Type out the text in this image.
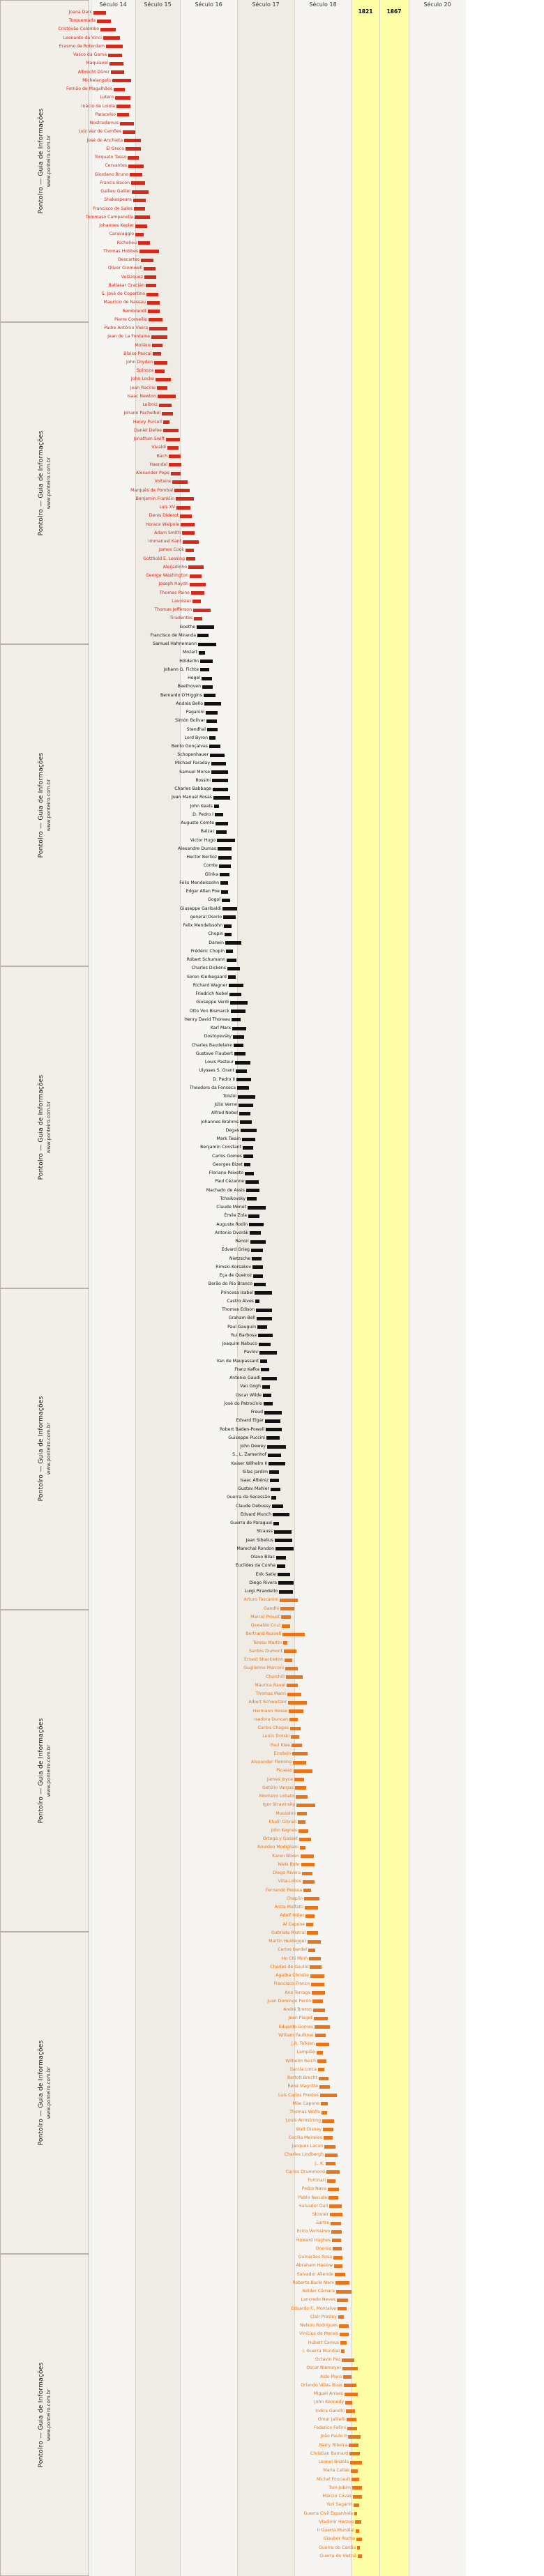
Século 14	Século 15	Século 16	Século 17	Século 18	Século 20
1821	1867
Pontolro — Guia de Informações www.ponteiro.com.br
Pontolro — Guia de Informações www.ponteiro.com.br
Pontolro — Guia de Informações www.ponteiro.com.br
Pontolro — Guia de Informações www.ponteiro.com.br
Pontolro — Guia de Informações www.ponteiro.com.br
Pontolro — Guia de Informações www.ponteiro.com.br
Pontolro — Guia de Informações www.ponteiro.com.br
Pontolro — Guia de Informações www.ponteiro.com.br
Joana Darc
Torquemada
Cristóvão Colombo
Leonardo da Vinci
Erasmo de Roterdam
Vasco da Gama
Maquiavel
Albrecht Dürer
Michelangelo
Fernão de Magalhães
Lutero
Inácio de Loiola
Paracelso
Nostradamus
Luiz Vaz de Camões
José de Anchieta
El Greco
Torquato Tasso
Cervantes
Giordano Bruno
Francis Bacon
Galileu Galilei
Shakespeare
Francisco de Sales
Tommaso Campanella
Johannes Kepler
Caravaggio
Richelieu
Thomas Hobbes
Descartes
Oliver Cromwell
Velázquez
Baltasar Gracián
S. José de Copertino
Maurício de Nassau
Rembrandt
Pierre Corneille
Padre Antônio Vieira
Jean de La Fontaine
Molière
Blaise Pascal
John Dryden
Spinoza
John Locke
Jean Racine
Isaac Newton
Leibniz
Johann Pachelbel
Henry Purcell
Daniel Defoe
Jonathan Swift
Vivaldi
Bach
Haendel
Alexander Pope
Voltaire
Marquês de Pombal
Benjamin Franklin
Luís XV
Denis Diderot
Horace Walpole
Adam Smith
Immanuel Kant
James Cook
Gotthold E. Lessing
Aleijadinho
George Washington
Joseph Haydn
Thomas Paine
Lavoisier
Thomas Jefferson
Tiradentes
Goethe
Francisco de Miranda
Samuel Hahnemann
Mozart
Hölderlin
Johann G. Fichte
Hegel
Beethoven
Bernardo O'Higgins
Andrés Bello
Paganini
Simón Bolívar
Stendhal
Lord Byron
Bento Gonçalves
Schopenhauer
Michael Faraday
Samuel Morse
Rossini
Charles Babbage
Juan Manuel Rosas
John Keats
D. Pedro I
Auguste Comte
Balzac
Victor Hugo
Alexandre Dumas
Hector Berlioz
Comte
Glinka
Félix Mendelssohn
Edgar Allan Poe
Gogol
Giuseppe Garibaldi
general Osorio
Felix Mendelssohn
Chopin
Darwin
Frédéric Chopin
Robert Schumann
Charles Dickens
Soren Kierkegaard
Richard Wagner
Friedrich Nobel
Giuseppe Verdi
Otto Von Bismarck
Henry David Thoreau
Karl Marx
Dostoyevsky
Charles Baudelaire
Gustave Flaubert
Louis Pasteur
Ulysses S. Grant
D. Pedro II
Theodoro da Fonseca
Tolstói
Júlio Verne
Alfred Nobel
Johannes Brahms
Degas
Mark Twain
Benjamin Constant
Carlos Gomes
Georges Bizet
Floriano Peixoto
Paul Cézanne
Machado de Assis
Tchaikovsky
Claude Monet
Émile Zola
Auguste Rodin
Antonio Dvorák
Renoir
Edvard Grieg
Nietzsche
Rimski-Korsakov
Eça de Queiroz
Barão do Rio Branco
Princesa Isabel
Castro Alves
Thomas Edison
Graham Bell
Paul Gauguin
Rui Barbosa
Joaquim Nabuco
Pavlov
Van de Maupassant
Franz Kafka
Antonio Gaudí
Van Gogh
Oscar Wilde
José do Patrocínio
Freud
Edvard Elgar
Robert Baden-Powell
Guiseppe Puccini
John Dewey
S., L. Zamenhof
Kaiser Wilhelm II
Silas Jardim
Isaac Albéniz
Gustav Mahler
Guerra da Secessão
Claude Debussy
Edvard Munch
Guerra do Paraguai
Strauss
Jean Sibelius
Marechal Rondon
Olavo Bilac
Euclides da Cunha
Erik Satie
Diego Rivera
Luigi Pirandello
Arturo Toscanini
Gandhi
Marcel Proust
Oswaldo Cruz
Bertrand Russell
Teresa Martin
Santos Dumont
Ernest Shackleton
Guglielmo Marconi
Churchill
Maurice Ravel
Thomas Mann
Albert Schweitzer
Hermann Hesse
Isadora Duncan
Carlos Chagas
Lenin Trotski
Paul Klee
Einstein
Alexander Fleming
Picasso
James Joyce
Getúlio Vargas
Monteiro Lobato
Igor Stravinsky
Mussolini
Khalil Gibran
John Keynes
Ortega y Gasset
Amedeo Modigliani
Karen Blixen
Niels Bohr
Diego Rivera
Villa-Lobos
Fernando Pessoa
Chaplin
Anita Malfatti
Adolf Hitler
Al Capone
Gabriela Mistral
Martin Heidegger
Carlos Gardel
Ho Chi Minh
Charles de Gaulle
Agatha Christie
Francisco Franco
Ana Terroga
Juan Domingo Perón
André Breton
Jean Piaget
Eduardo Gomes
William Faulkner
J.R. Tolkien
Lampião
Wilhelm Reich
García Lorca
Bertolt Brecht
René Magritte
Luís Carlos Prestes
Mãe Capone
Thomas Wolfe
Louis Armstrong
Walt Disney
Cecília Meireles
Jacques Lacan
Charles Lindbergh
J., K.
Carlos Drummond
Fortinari
Pedro Nava
Pablo Neruda
Salvador Dalí
Skinner
Sartre
Erico Veríssimo
Howard Hughes
Oneisis
Guinarães Rosa
Abraham Haslow
Salvador Allende
Roberto Burle Marx
Nélder Câmara
Lancredo Neves
Eduardo F., Montalve
Clair Presley
Nelson Rodrigues
Vinícius de Morais
Hubert Camus
I. Guerra Mundial
Octavio Paz
Oscar Niemeyer
Aldo Moro
Orlando Villas Boas
Miguel Arraes
John Kennedy
Indira Gandhi
Omar Jalileñi
Federico Fellini
João Paulo II
Barry Ribeira
Christian Barnard
Leonel Brizola
Maria Callas
Michel Foucault
Tom Jobim
Márcio Covas
Yuri Sagarin
Guerra Civil Espanhola
Vladimir Herzog
II Guerra Mundial
Glauber Rocha
Guerra do Cardia
Guerra do Vietnã
